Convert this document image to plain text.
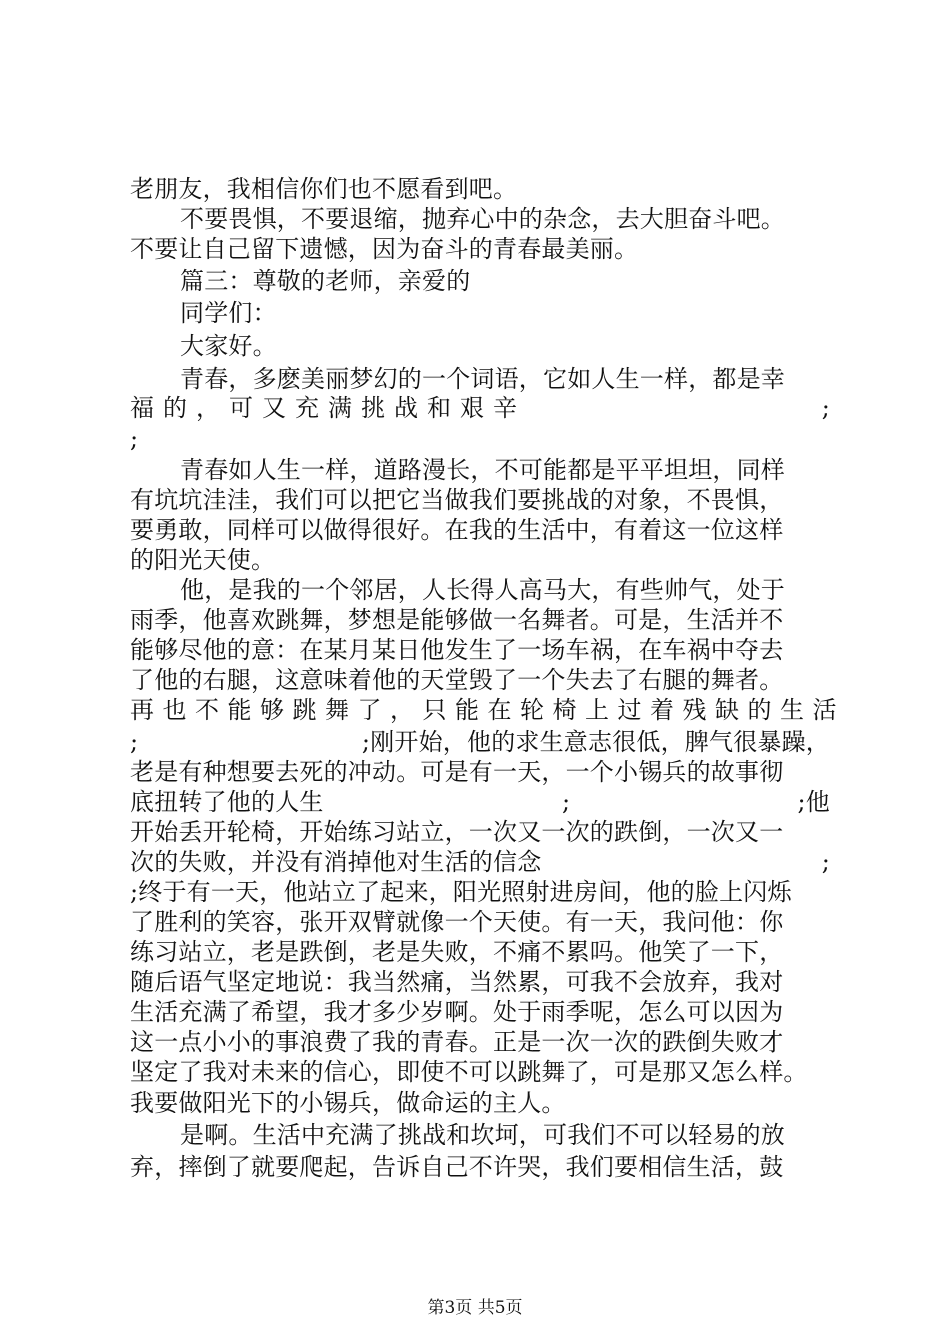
老朋友，我相信你们也不愿看到吧。
不要畏惧，不要退缩，抛弃心中的杂念，去大胆奋斗吧。
不要让自己留下遗憾，因为奋斗的青春最美丽。
篇三：尊敬的老师，亲爱的
同学们：
大家好。
青春，多麽美丽梦幻的一个词语，它如人生一样，都是幸
福的，可又充满挑战和艰辛	;
;
青春如人生一样，道路漫长，不可能都是平平坦坦，同样
有坑坑洼洼，我们可以把它当做我们要挑战的对象，不畏惧，
要勇敢，同样可以做得很好。在我的生活中，有着这一位这样
的阳光天使。
他，是我的一个邻居，人长得人高马大，有些帅气，处于
雨季，他喜欢跳舞，梦想是能够做一名舞者。可是，生活并不
能够尽他的意：在某月某日他发生了一场车祸，在车祸中夺去
了他的右腿，这意味着他的天堂毁了一个失去了右腿的舞者。
再也不能够跳舞了，只能在轮椅上过着残缺的生活
;	;刚开始，他的求生意志很低，脾气很暴躁，
老是有种想要去死的冲动。可是有一天，一个小锡兵的故事彻
底扭转了他的人生	;	;他
开始丢开轮椅，开始练习站立，一次又一次的跌倒，一次又一
次的失败，并没有消掉他对生活的信念	;
;终于有一天，他站立了起来，阳光照射进房间，他的脸上闪烁
了胜利的笑容，张开双臂就像一个天使。有一天，我问他：你
练习站立，老是跌倒，老是失败，不痛不累吗。他笑了一下，
随后语气坚定地说：我当然痛，当然累，可我不会放弃，我对
生活充满了希望，我才多少岁啊。处于雨季呢，怎么可以因为
这一点小小的事浪费了我的青春。正是一次一次的跌倒失败才
坚定了我对未来的信心，即使不可以跳舞了，可是那又怎么样。
我要做阳光下的小锡兵，做命运的主人。
是啊。生活中充满了挑战和坎坷，可我们不可以轻易的放
弃，摔倒了就要爬起，告诉自己不许哭，我们要相信生活，鼓
第3页 共5页
